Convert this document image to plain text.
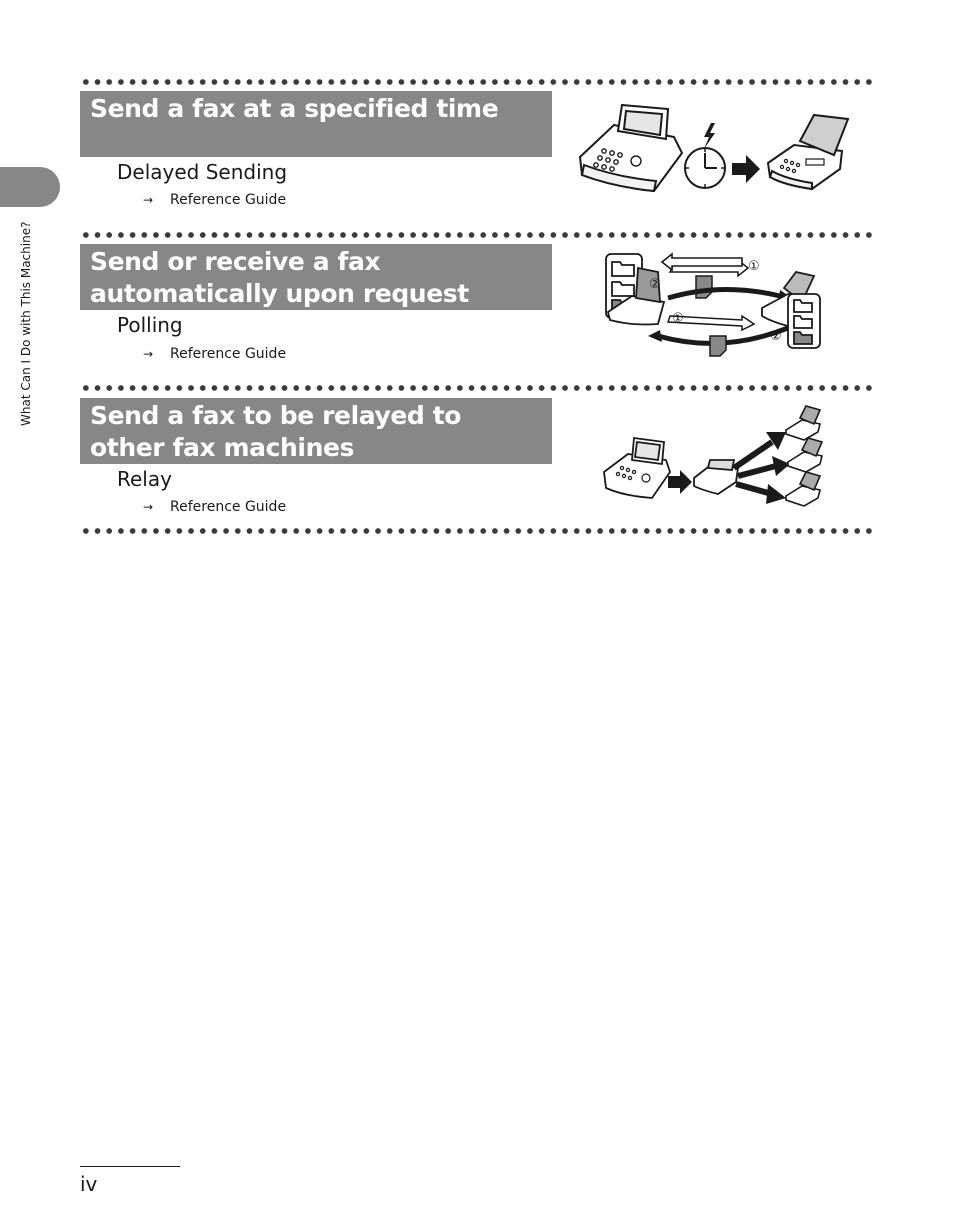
What Can I Do with This Machine?
Send a fax at a specified time
Delayed Sending
→ Reference Guide
Send or receive a fax automatically upon request
Polling
→ Reference Guide
①
②
①
②
Send a fax to be relayed to other fax machines
Relay
→ Reference Guide
iv
